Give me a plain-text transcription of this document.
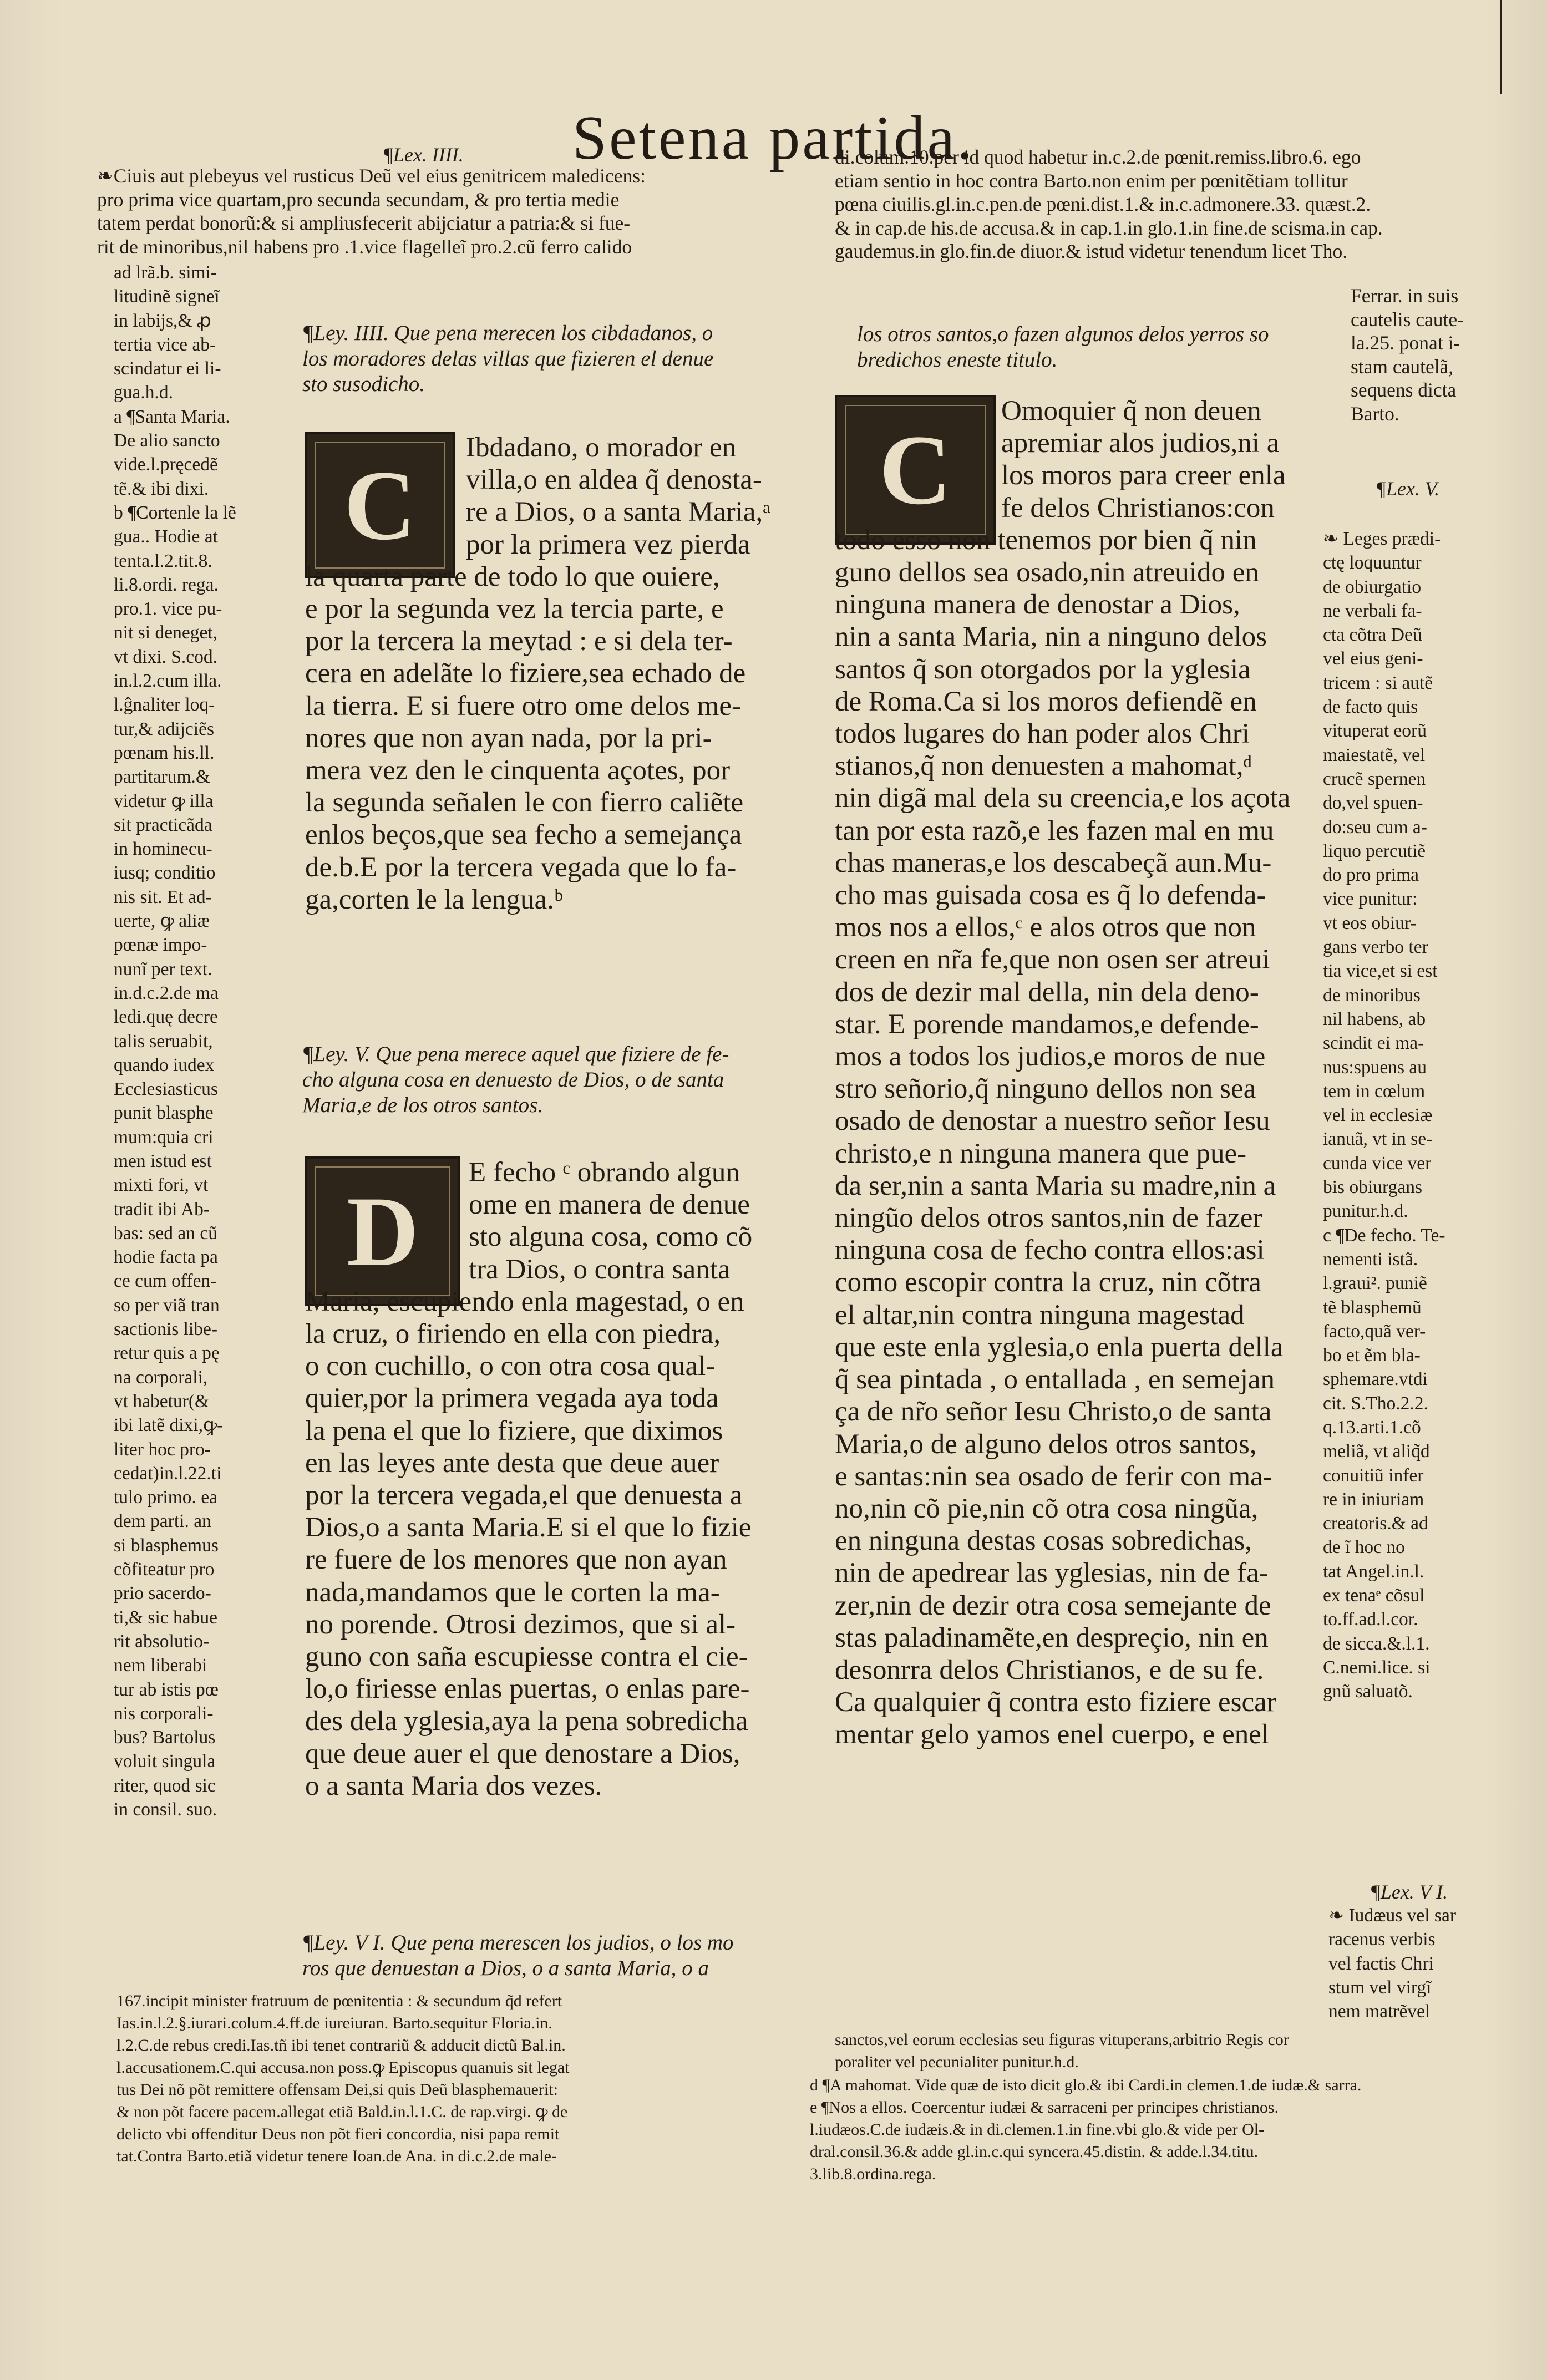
Setena partida.
¶Lex. IIII.
❧Ciuis aut plebeyus vel rusticus Deũ vel eius genitricem maledicens:
pro prima vice quartam,pro secunda secundam, & pro tertia medie
tatem perdat bonorũ:& si ampliusfecerit abijciatur a patria:& si fue-
rit de minoribus,nil habens pro .1.vice flagelleĩ pro.2.cũ ferro calido
ad lrã.b. simi-
litudinẽ signeĩ
in labijs,& ꝓ
tertia vice ab-
scindatur ei li-
gua.h.d.
a ¶Santa Maria.
De alio sancto
vide.l.pręcedẽ
tẽ.& ibi dixi.
b ¶Cortenle la lẽ
gua.. Hodie at
tenta.l.2.tit.8.
li.8.ordi. rega.
pro.1. vice pu-
nit si deneget,
vt dixi. S.cod.
in.l.2.cum illa.
l.ĝnaliter loq-
tur,& adijciẽs
pœnam his.ll.
partitarum.&
videtur ꝙ illa
sit practicãda
in hominecu-
iusq; conditio
nis sit. Et ad-
uerte, ꝙ aliæ
pœnæ impo-
nunĩ per text.
in.d.c.2.de ma
ledi.quę decre
talis seruabit,
quando iudex
Ecclesiasticus
punit blasphe
mum:quia cri
men istud est
mixti fori, vt
tradit ibi Ab-
bas: sed an cũ
hodie facta pa
ce cum offen-
so per viã tran
sactionis libe-
retur quis a pę
na corporali,
vt habetur(&
ibi latẽ dixi,ꝙ-
liter hoc pro-
cedat)in.l.22.ti
tulo primo. ea
dem parti. an
si blasphemus
cõfiteatur pro
prio sacerdo-
ti,& sic habue
rit absolutio-
nem liberabi
tur ab istis pœ
nis corporali-
bus? Bartolus
voluit singula
riter, quod sic
in consil. suo.
¶Ley. IIII. Que pena merecen los cibdadanos, o
los moradores delas villas que fizieren el denue
sto susodicho.
C
Ibdadano, o morador en
villa,o en aldea q̃ denosta-
re a Dios, o a santa Maria,ᵃ
por la primera vez pierda
la quarta parte de todo lo que ouiere,
e por la segunda vez la tercia parte, e
por la tercera la meytad : e si dela ter-
cera en adelãte lo fiziere,sea echado de
la tierra. E si fuere otro ome delos me-
nores que non ayan nada, por la pri-
mera vez den le cinquenta açotes, por
la segunda señalen le con fierro caliẽte
enlos beços,que sea fecho a semejança
de.b.E por la tercera vegada que lo fa-
ga,corten le la lengua.ᵇ
¶Ley. V. Que pena merece aquel que fiziere de fe-
cho alguna cosa en denuesto de Dios, o de santa
Maria,e de los otros santos.
D
E fecho ᶜ obrando algun
ome en manera de denue
sto alguna cosa, como cõ
tra Dios, o contra santa
Maria, escupiendo enla magestad, o en
la cruz, o firiendo en ella con piedra,
o con cuchillo, o con otra cosa qual-
quier,por la primera vegada aya toda
la pena el que lo fiziere, que diximos
en las leyes ante desta que deue auer
por la tercera vegada,el que denuesta a
Dios,o a santa Maria.E si el que lo fizie
re fuere de los menores que non ayan
nada,mandamos que le corten la ma-
no porende. Otrosi dezimos, que si al-
guno con saña escupiesse contra el cie-
lo,o firiesse enlas puertas, o enlas pare-
des dela yglesia,aya la pena sobredicha
que deue auer el que denostare a Dios,
o a santa Maria dos vezes.
¶Ley. V I. Que pena merescen los judios, o los mo
ros que denuestan a Dios, o a santa Maria, o a
167.incipit minister fratruum de pœnitentia : & secundum q̃d refert
Ias.in.l.2.§.iurari.colum.4.ff.de iureiuran. Barto.sequitur Floria.in.
l.2.C.de rebus credi.Ias.tñ ibi tenet contrariũ & adducit dictũ Bal.in.
l.accusationem.C.qui accusa.non poss.ꝙ Episcopus quanuis sit legat
tus Dei nõ põt remittere offensam Dei,si quis Deũ blasphemauerit:
& non põt facere pacem.allegat etiã Bald.in.l.1.C. de rap.virgi. ꝙ de
delicto vbi offenditur Deus non põt fieri concordia, nisi papa remit
tat.Contra Barto.etiã videtur tenere Ioan.de Ana. in di.c.2.de male-
di.colum.10.per id quod habetur in.c.2.de pœnit.remiss.libro.6. ego
etiam sentio in hoc contra Barto.non enim per pœnitẽtiam tollitur
pœna ciuilis.gl.in.c.pen.de pœni.dist.1.& in.c.admonere.33. quæst.2.
& in cap.de his.de accusa.& in cap.1.in glo.1.in fine.de scisma.in cap.
gaudemus.in glo.fin.de diuor.& istud videtur tenendum licet Tho.
Ferrar. in suis
cautelis caute-
la.25. ponat i-
stam cautelã,
sequens dicta
Barto.
los otros santos,o fazen algunos delos yerros so
bredichos eneste titulo.
C
Omoquier q̃ non deuen
apremiar alos judios,ni a
los moros para creer enla
fe delos Christianos:con
todo esso non tenemos por bien q̃ nin
guno dellos sea osado,nin atreuido en
ninguna manera de denostar a Dios,
nin a santa Maria, nin a ninguno delos
santos q̃ son otorgados por la yglesia
de Roma.Ca si los moros defiendẽ en
todos lugares do han poder alos Chri
stianos,q̃ non denuesten a mahomat,ᵈ
nin digã mal dela su creencia,e los açota
tan por esta razõ,e les fazen mal en mu
chas maneras,e los descabeçã aun.Mu-
cho mas guisada cosa es q̃ lo defenda-
mos nos a ellos,ᶜ e alos otros que non
creen en nr̃a fe,que non osen ser atreui
dos de dezir mal della, nin dela deno-
star. E porende mandamos,e defende-
mos a todos los judios,e moros de nue
stro señorio,q̃ ninguno dellos non sea
osado de denostar a nuestro señor Iesu
christo,e n ninguna manera que pue-
da ser,nin a santa Maria su madre,nin a
ningũo delos otros santos,nin de fazer
ninguna cosa de fecho contra ellos:asi
como escopir contra la cruz, nin cõtra
el altar,nin contra ninguna magestad
que este enla yglesia,o enla puerta della
q̃ sea pintada , o entallada , en semejan
ça de nr̃o señor Iesu Christo,o de santa
Maria,o de alguno delos otros santos,
e santas:nin sea osado de ferir con ma-
no,nin cõ pie,nin cõ otra cosa ningũa,
en ninguna destas cosas sobredichas,
nin de apedrear las yglesias, nin de fa-
zer,nin de dezir otra cosa semejante de
stas paladinamẽte,en despreçio, nin en
desonrra delos Christianos, e de su fe.
Ca qualquier q̃ contra esto fiziere escar
mentar gelo yamos enel cuerpo, e enel
¶Lex. V.
❧ Leges prædi-
ctę loquuntur
de obiurgatio
ne verbali fa-
cta cõtra Deũ
vel eius geni-
tricem : si autẽ
de facto quis
vituperat eorũ
maiestatẽ, vel
crucẽ spernen
do,vel spuen-
do:seu cum a-
liquo percutiẽ
do pro prima
vice punitur:
vt eos obiur-
gans verbo ter
tia vice,et si est
de minoribus
nil habens, ab
scindit ei ma-
nus:spuens au
tem in cœlum
vel in ecclesiæ
ianuã, vt in se-
cunda vice ver
bis obiurgans
punitur.h.d.
c ¶De fecho. Te-
nementi istã.
l.graui². puniẽ
tẽ blasphemũ
facto,quã ver-
bo et ẽm bla-
sphemare.vtdi
cit. S.Tho.2.2.
q.13.arti.1.cõ
meliã, vt aliq̃d
conuitiũ infer
re in iniuriam
creatoris.& ad
de ĩ hoc no
tat Angel.in.l.
ex tenaᵉ cõsul
to.ff.ad.l.cor.
de sicca.&.l.1.
C.nemi.lice. si
gnũ saluatõ.
¶Lex. V I.
❧ Iudæus vel sar
racenus verbis
vel factis Chri
stum vel virgĩ
nem matrẽvel
sanctos,vel eorum ecclesias seu figuras vituperans,arbitrio Regis cor
poraliter vel pecunialiter punitur.h.d.
d ¶A mahomat. Vide quæ de isto dicit glo.& ibi Cardi.in clemen.1.de iudæ.& sarra.
e ¶Nos a ellos. Coercentur iudæi & sarraceni per principes christianos.
l.iudæos.C.de iudæis.& in di.clemen.1.in fine.vbi glo.& vide per Ol-
dral.consil.36.& adde gl.in.c.qui syncera.45.distin. & adde.l.34.titu.
3.lib.8.ordina.rega.
